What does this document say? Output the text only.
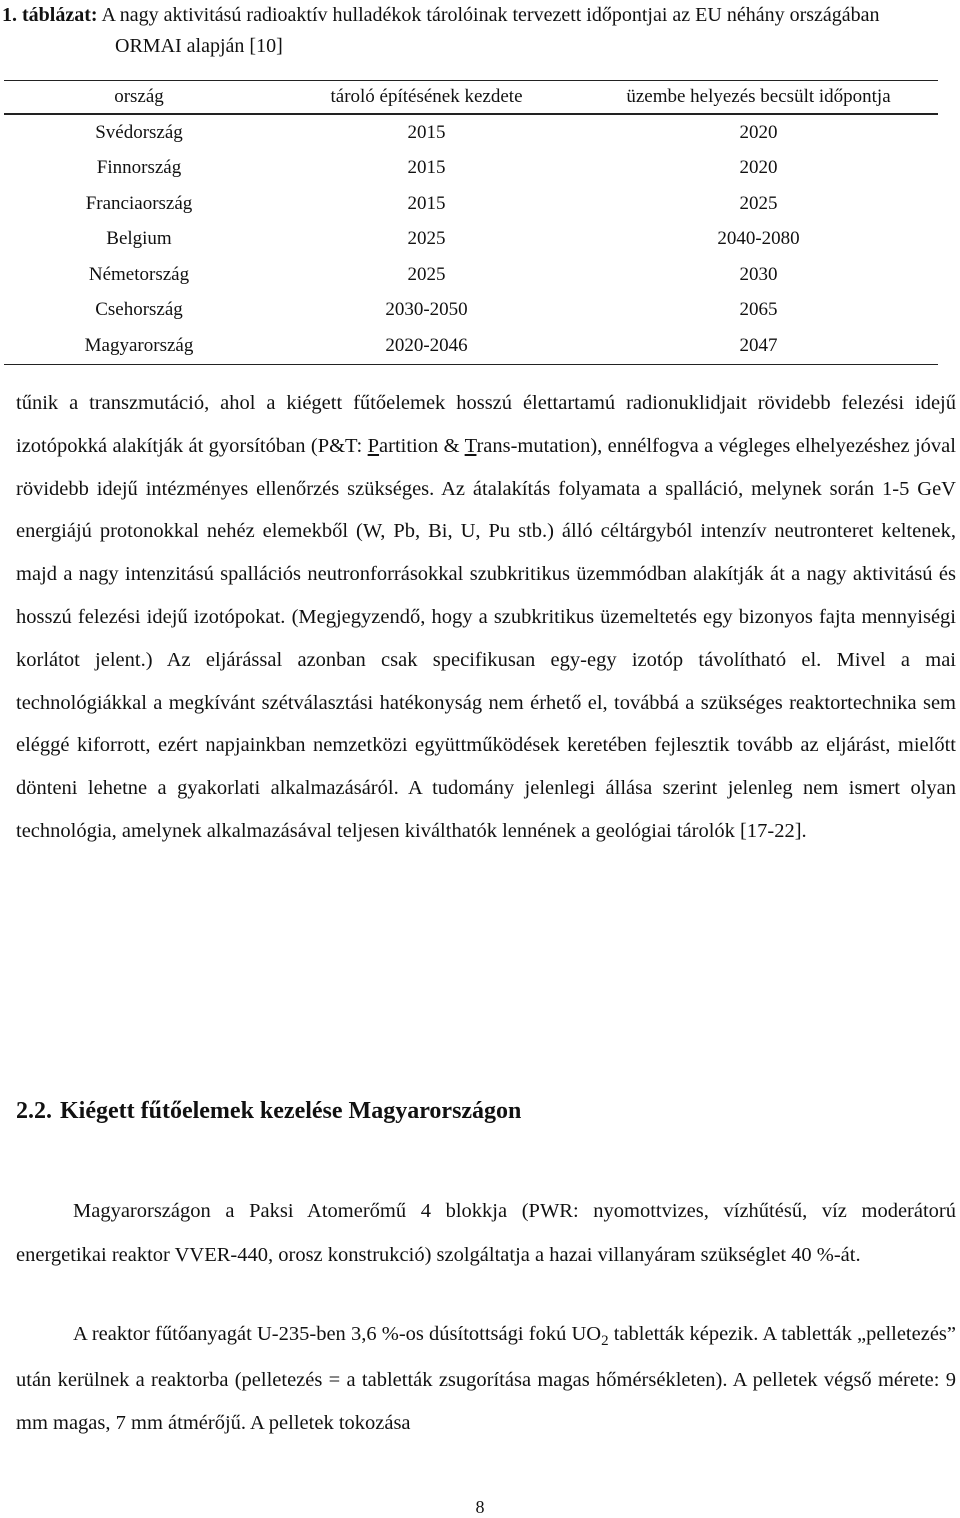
1. táblázat: A nagy aktivitású radioaktív hulladékok tárolóinak tervezett időpontjai az EU néhány országában
ORMAI alapján [10]
ország	tároló építésének kezdete	üzembe helyezés becsült időpontja
Svédország	2015	2020
Finnország	2015	2020
Franciaország	2015	2025
Belgium	2025	2040-2080
Németország	2025	2030
Csehország	2030-2050	2065
Magyarország	2020-2046	2047

tűnik a transzmutáció, ahol a kiégett fűtőelemek hosszú élettartamú radionuklidjait rövidebb felezési idejű izotópokká alakítják át gyorsítóban (P&T: Partition & Trans-mutation), ennélfogva a végleges elhelyezéshez jóval rövidebb idejű intézményes ellenőrzés szükséges. Az átalakítás folyamata a spalláció, melynek során 1-5 GeV energiájú protonokkal nehéz elemekből (W, Pb, Bi, U, Pu stb.) álló céltárgyból intenzív neutronteret keltenek, majd a nagy intenzitású spallációs neutronforrásokkal szubkritikus üzemmódban alakítják át a nagy aktivitású és hosszú felezési idejű izotópokat. (Megjegyzendő, hogy a szubkritikus üzemeltetés egy bizonyos fajta mennyiségi korlátot jelent.) Az eljárással azonban csak specifikusan egy-egy izotóp távolítható el. Mivel a mai technológiákkal a megkívánt szétválasztási hatékonyság nem érhető el, továbbá a szükséges reaktortechnika sem eléggé kiforrott, ezért napjainkban nemzetközi együttműködések keretében fejlesztik tovább az eljárást, mielőtt dönteni lehetne a gyakorlati alkalmazásáról. A tudomány jelenlegi állása szerint jelenleg nem ismert olyan technológia, amelynek alkalmazásával teljesen kiválthatók lennének a geológiai tárolók [17-22].

2.2. Kiégett fűtőelemek kezelése Magyarországon

Magyarországon a Paksi Atomerőmű 4 blokkja (PWR: nyomottvizes, vízhűtésű, víz moderátorú energetikai reaktor VVER-440, orosz konstrukció) szolgáltatja a hazai villanyáram szükséglet 40 %-át.

A reaktor fűtőanyagát U-235-ben 3,6 %-os dúsítottsági fokú $UO_2$ tabletták képezik. A tabletták „pelletezés” után kerülnek a reaktorba (pelletezés = a tabletták zsugorítása magas hőmérsékleten). A pelletek végső mérete: 9 mm magas, 7 mm átmérőjű. A pelletek tokozása

8
